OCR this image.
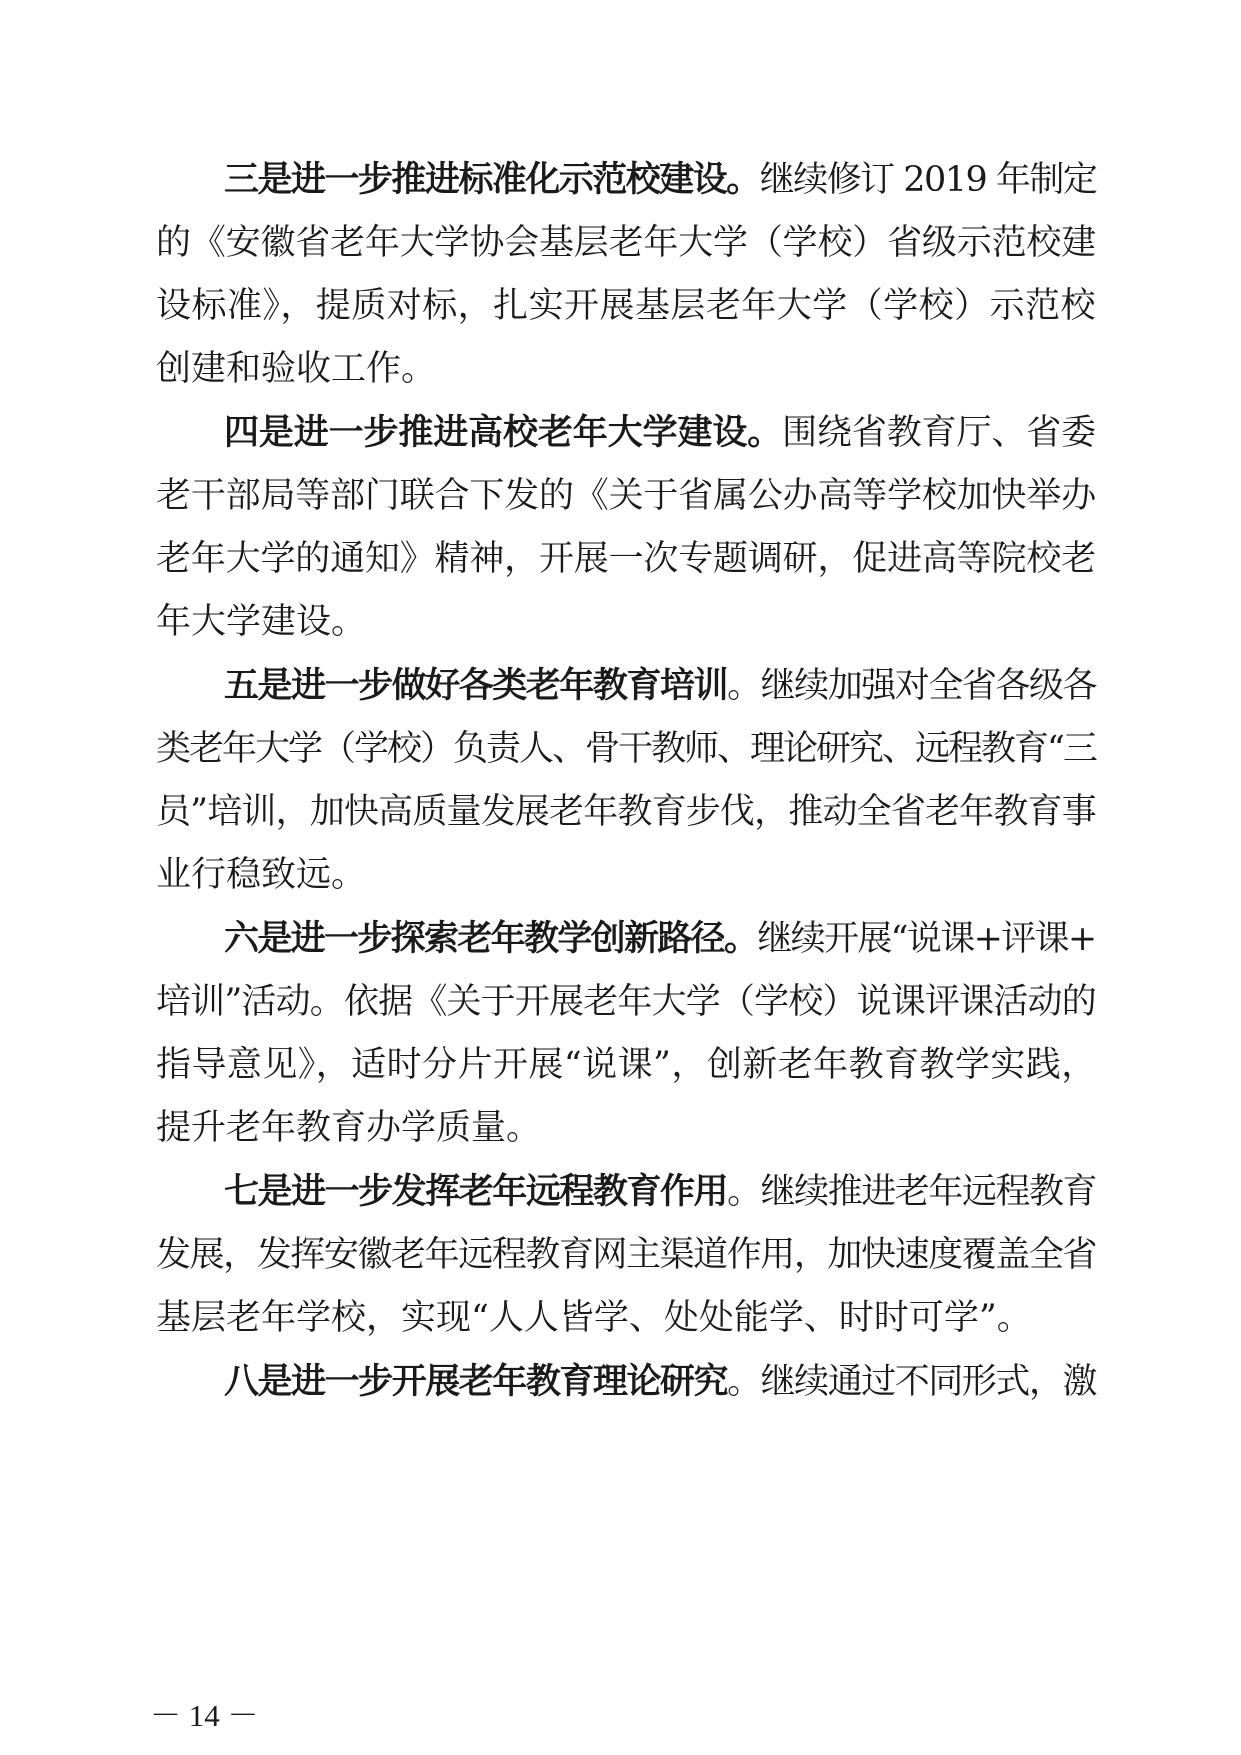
三是进一步推进标准化示范校建设。继续修订 2019 年制定
的《安徽省老年大学协会基层老年大学（学校）省级示范校建
设标准》，提质对标，扎实开展基层老年大学（学校）示范校
创建和验收工作。
四是进一步推进高校老年大学建设。围绕省教育厅、省委
老干部局等部门联合下发的《关于省属公办高等学校加快举办
老年大学的通知》精神，开展一次专题调研，促进高等院校老
年大学建设。
五是进一步做好各类老年教育培训。继续加强对全省各级各
类老年大学（学校）负责人、骨干教师、理论研究、远程教育“三
员”培训，加快高质量发展老年教育步伐，推动全省老年教育事
业行稳致远。
六是进一步探索老年教学创新路径。继续开展“说课+评课+
培训”活动。依据《关于开展老年大学（学校）说课评课活动的
指导意见》，适时分片开展“说课”，创新老年教育教学实践，
提升老年教育办学质量。
七是进一步发挥老年远程教育作用。继续推进老年远程教育
发展，发挥安徽老年远程教育网主渠道作用，加快速度覆盖全省
基层老年学校，实现“人人皆学、处处能学、时时可学”。
八是进一步开展老年教育理论研究。继续通过不同形式，激
－ 14 －
